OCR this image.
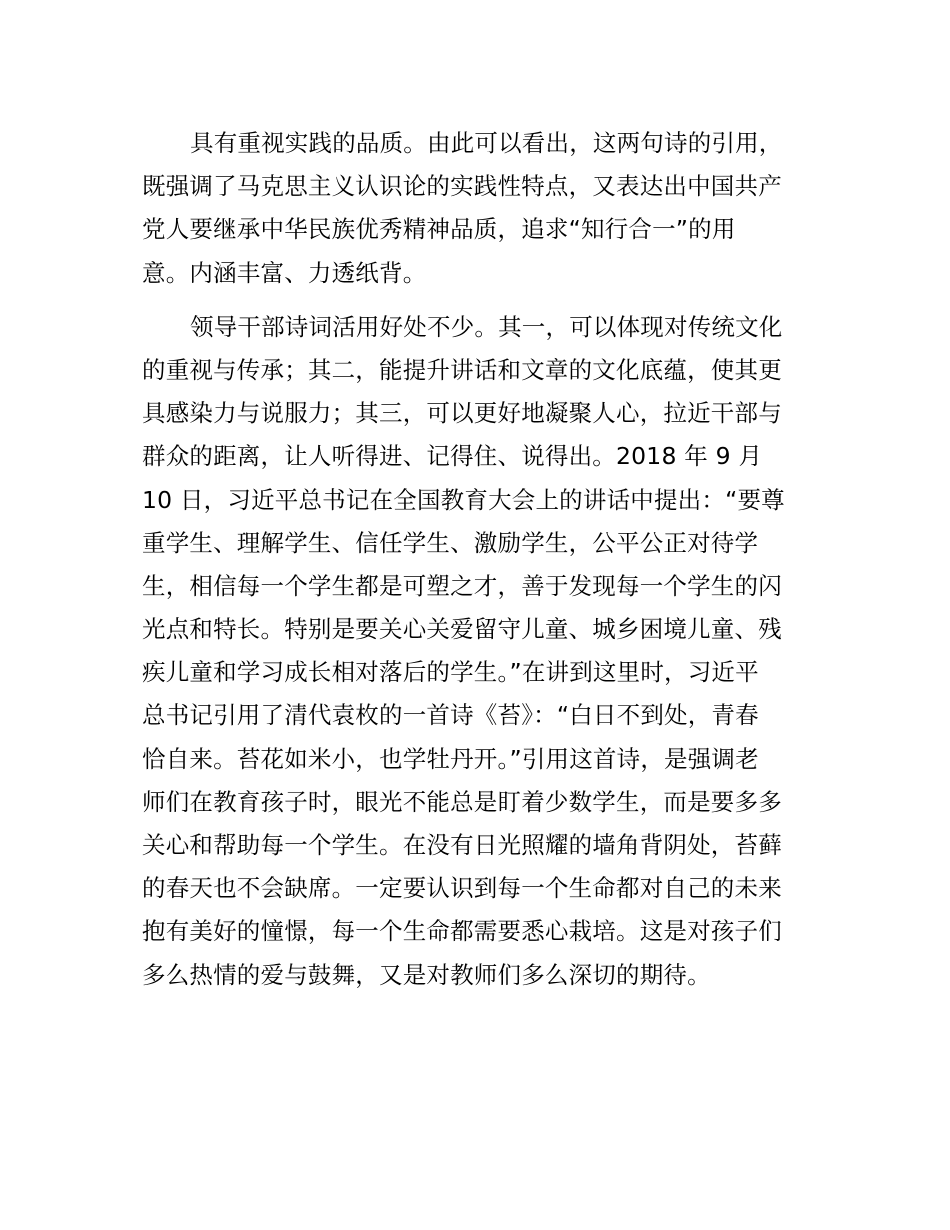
具有重视实践的品质。由此可以看出，这两句诗的引用，
既强调了马克思主义认识论的实践性特点，又表达出中国共产
党人要继承中华民族优秀精神品质，追求“知行合一”的用
意。内涵丰富、力透纸背。
领导干部诗词活用好处不少。其一，可以体现对传统文化
的重视与传承；其二，能提升讲话和文章的文化底蕴，使其更
具感染力与说服力；其三，可以更好地凝聚人心，拉近干部与
群众的距离，让人听得进、记得住、说得出。2018 年 9 月
10 日，习近平总书记在全国教育大会上的讲话中提出：“要尊
重学生、理解学生、信任学生、激励学生，公平公正对待学
生，相信每一个学生都是可塑之才，善于发现每一个学生的闪
光点和特长。特别是要关心关爱留守儿童、城乡困境儿童、残
疾儿童和学习成长相对落后的学生。”在讲到这里时，习近平
总书记引用了清代袁枚的一首诗《苔》：“白日不到处，青春
恰自来。苔花如米小，也学牡丹开。”引用这首诗，是强调老
师们在教育孩子时，眼光不能总是盯着少数学生，而是要多多
关心和帮助每一个学生。在没有日光照耀的墙角背阴处，苔藓
的春天也不会缺席。一定要认识到每一个生命都对自己的未来
抱有美好的憧憬，每一个生命都需要悉心栽培。这是对孩子们
多么热情的爱与鼓舞，又是对教师们多么深切的期待。
